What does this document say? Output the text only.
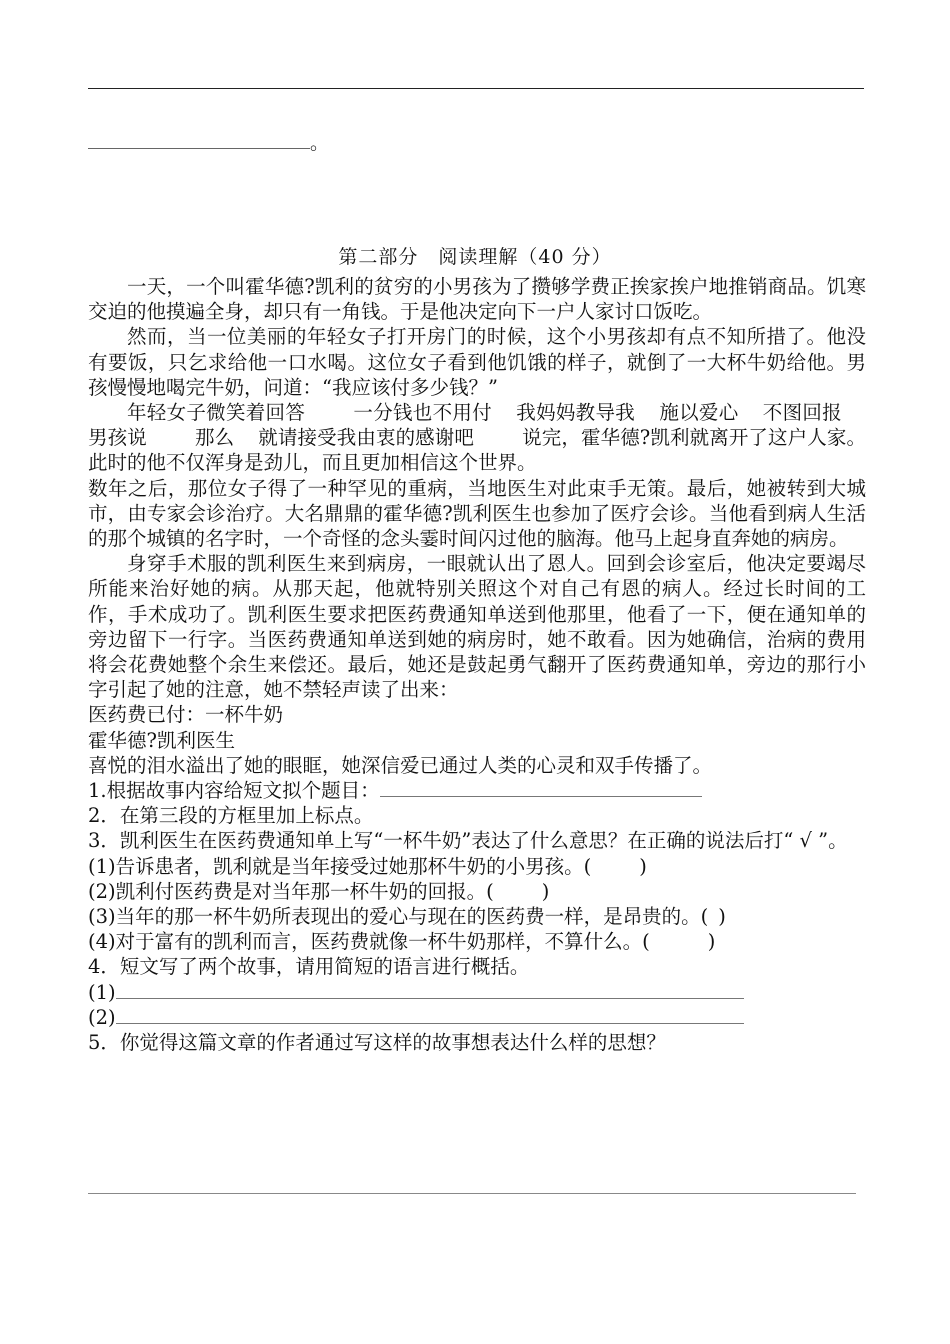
。
第二部分　阅读理解（40 分）

一天，一个叫霍华德?凯利的贫穷的小男孩为了攒够学费正挨家挨户地推销商品。饥寒交迫的他摸遍全身，却只有一角钱。于是他决定向下一户人家讨口饭吃。

然而，当一位美丽的年轻女子打开房门的时候，这个小男孩却有点不知所措了。他没有要饭，只乞求给他一口水喝。这位女子看到他饥饿的样子，就倒了一大杯牛奶给他。男孩慢慢地喝完牛奶，问道：“我应该付多少钱？”

年轻女子微笑着回答 一分钱也不用付 我妈妈教导我 施以爱心 不图回报男孩说 那么 就请接受我由衷的感谢吧 说完，霍华德?凯利就离开了这户人家。此时的他不仅浑身是劲儿，而且更加相信这个世界。

数年之后，那位女子得了一种罕见的重病，当地医生对此束手无策。最后，她被转到大城市，由专家会诊治疗。大名鼎鼎的霍华德?凯利医生也参加了医疗会诊。当他看到病人生活的那个城镇的名字时，一个奇怪的念头霎时间闪过他的脑海。他马上起身直奔她的病房。

身穿手术服的凯利医生来到病房，一眼就认出了恩人。回到会诊室后，他决定要竭尽所能来治好她的病。从那天起，他就特别关照这个对自己有恩的病人。经过长时间的工作，手术成功了。凯利医生要求把医药费通知单送到他那里，他看了一下，便在通知单的旁边留下一行字。当医药费通知单送到她的病房时，她不敢看。因为她确信，治病的费用将会花费她整个余生来偿还。最后，她还是鼓起勇气翻开了医药费通知单，旁边的那行小字引起了她的注意，她不禁轻声读了出来：

医药费已付：一杯牛奶

霍华德?凯利医生

喜悦的泪水溢出了她的眼眶，她深信爱已通过人类的心灵和双手传播了。

1.根据故事内容给短文拟个题目：

2．在第三段的方框里加上标点。

3．凯利医生在医药费通知单上写“一杯牛奶”表达了什么意思？在正确的说法后打“ √ ”。

(1)告诉患者，凯利就是当年接受过她那杯牛奶的小男孩。( )

(2)凯利付医药费是对当年那一杯牛奶的回报。( )

(3)当年的那一杯牛奶所表现出的爱心与现在的医药费一样，是昂贵的。( )

(4)对于富有的凯利而言，医药费就像一杯牛奶那样，不算什么。(	)

4．短文写了两个故事，请用简短的语言进行概括。

(1)

(2)

5．你觉得这篇文章的作者通过写这样的故事想表达什么样的思想？
